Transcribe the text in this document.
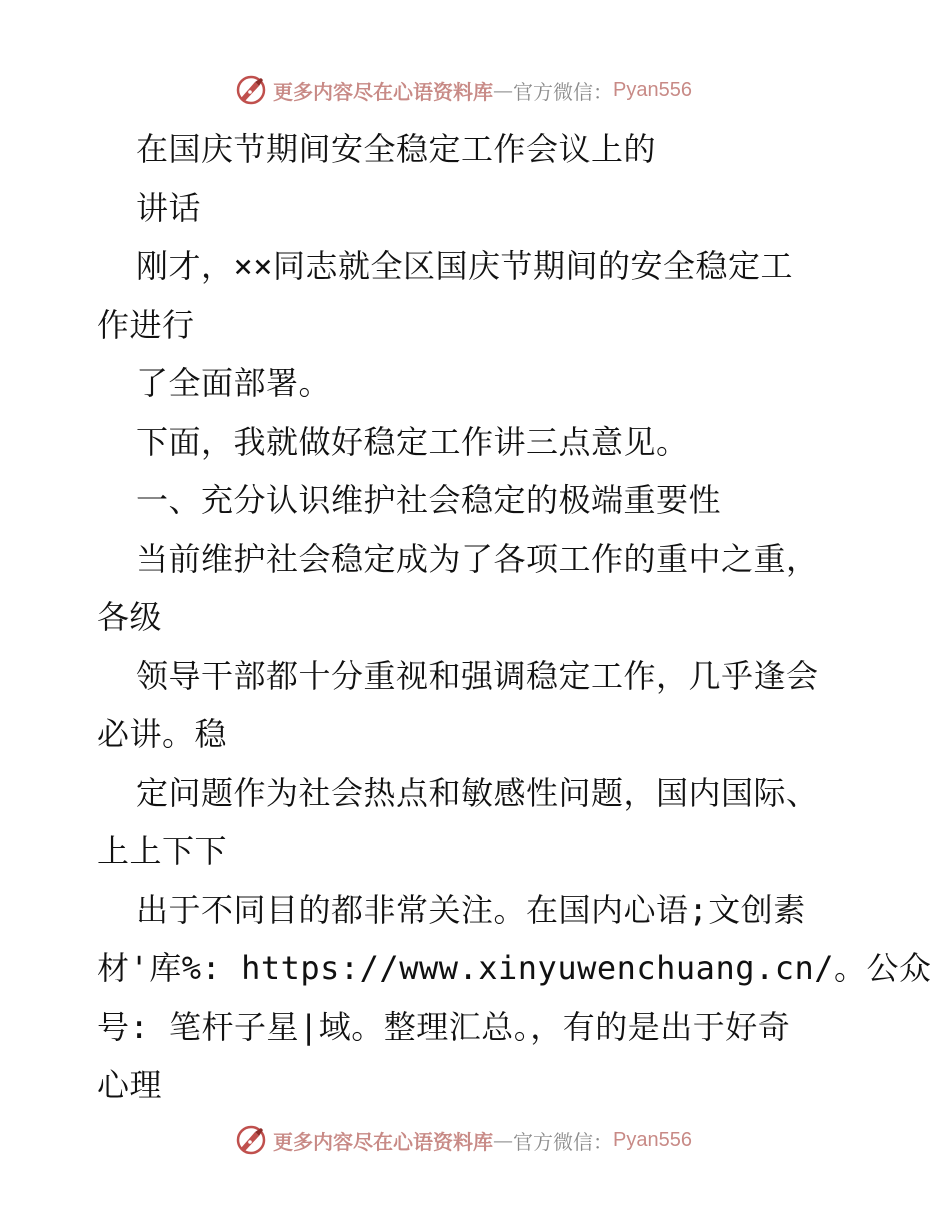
更多内容尽在心语资料库 — 官方微信： Pyan556
在国庆节期间安全稳定工作会议上的
讲话
刚才，××同志就全区国庆节期间的安全稳定工
作进行
了全面部署。
下面，我就做好稳定工作讲三点意见。
一、充分认识维护社会稳定的极端重要性
当前维护社会稳定成为了各项工作的重中之重，
各级
领导干部都十分重视和强调稳定工作，几乎逢会
必讲。稳
定问题作为社会热点和敏感性问题，国内国际、
上上下下
出于不同目的都非常关注。在国内心语;文创素
材'库%: https://www.xinyuwenchuang.cn/。公众
号: 笔杆子星|域。整理汇总。，有的是出于好奇
心理
更多内容尽在心语资料库 — 官方微信： Pyan556
